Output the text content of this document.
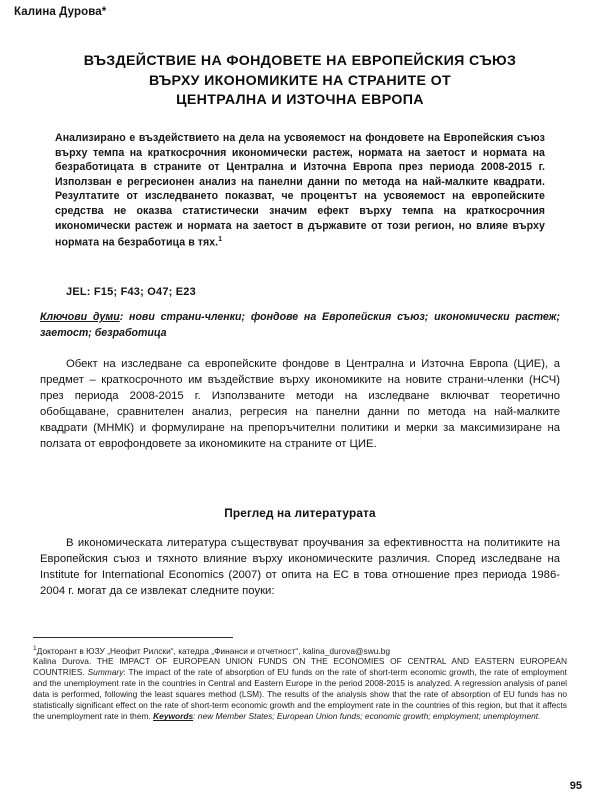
Калина Дурова*
ВЪЗДЕЙСТВИЕ НА ФОНДОВЕТЕ НА ЕВРОПЕЙСКИЯ СЪЮЗ
ВЪРХУ ИКОНОМИКИТЕ НА СТРАНИТЕ ОТ
ЦЕНТРАЛНА И ИЗТОЧНА ЕВРОПА
Анализирано е въздействието на дела на усвояемост на фондовете на Европейския съюз върху темпа на краткосрочния икономически растеж, нормата на заетост и нормата на безработицата в страните от Централна и Източна Европа през периода 2008-2015 г. Използван е регресионен анализ на панелни данни по метода на най-малките квадрати. Резултатите от изследването показват, че процентът на усвояемост на европейските средства не оказва статистически значим ефект върху темпа на краткосрочния икономически растеж и нормата на заетост в държавите от този регион, но влияе върху нормата на безработица в тях.$^1$
JEL: F15; F43; O47; E23
Ключови думи: нови страни-членки; фондове на Европейския съюз; икономически растеж; заетост; безработица
Обект на изследване са европейските фондове в Централна и Източна Европа (ЦИЕ), а предмет – краткосрочното им въздействие върху икономиките на новите страни-членки (НСЧ) през периода 2008-2015 г. Използваните методи на изследване включват теоретично обобщаване, сравнителен анализ, регресия на панелни данни по метода на най-малките квадрати (МНМК) и формулиране на препоръчителни политики и мерки за максимизиране на ползата от еврофондовете за икономиките на страните от ЦИЕ.
Преглед на литературата
В икономическата литература съществуват проучвания за ефективността на политиките на Европейския съюз и тяхното влияние върху икономическите различия. Според изследване на Institute for International Economics (2007) от опита на ЕС в това отношение през периода 1986-2004 г. могат да се извлекат следните поуки:
$^1$Докторант в ЮЗУ „Неофит Рилски“, катедра „Финанси и отчетност“, kalina_durova@swu.bg
Kalina Durova. THE IMPACT OF EUROPEAN UNION FUNDS ON THE ECONOMIES OF CENTRAL AND EASTERN EUROPEAN COUNTRIES. Summary: The impact of the rate of absorption of EU funds on the rate of short-term economic growth, the rate of employment and the unemployment rate in the countries in Central and Eastern Europe in the period 2008-2015 is analyzed. A regression analysis of panel data is performed, following the least squares method (LSM). The results of the analysis show that the rate of absorption of EU funds has no statistically significant effect on the rate of short-term economic growth and the employment rate in the countries of this region, but that it affects the unemployment rate in them. Keywords: new Member States; European Union funds; economic growth; employment; unemployment.
95
